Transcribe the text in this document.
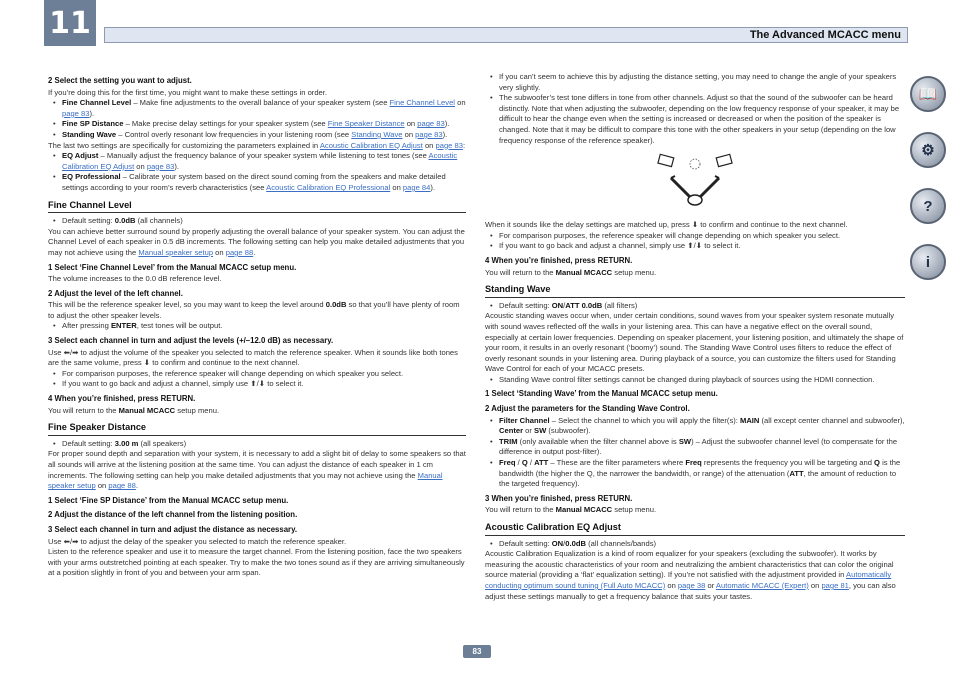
11	The Advanced MCACC menu
2 Select the setting you want to adjust.
If you’re doing this for the first time, you might want to make these settings in order.
• Fine Channel Level – Make fine adjustments to the overall balance of your speaker system (see Fine Channel Level on page 83).
• Fine SP Distance – Make precise delay settings for your speaker system (see Fine Speaker Distance on page 83).
• Standing Wave – Control overly resonant low frequencies in your listening room (see Standing Wave on page 83).
The last two settings are specifically for customizing the parameters explained in Acoustic Calibration EQ Adjust on page 83:
• EQ Adjust – Manually adjust the frequency balance of your speaker system while listening to test tones (see Acoustic Calibration EQ Adjust on page 83).
• EQ Professional – Calibrate your system based on the direct sound coming from the speakers and make detailed settings according to your room’s reverb characteristics (see Acoustic Calibration EQ Professional on page 84).
Fine Channel Level
• Default setting: 0.0dB (all channels)
You can achieve better surround sound by properly adjusting the overall balance of your speaker system. You can adjust the Channel Level of each speaker in 0.5 dB increments. The following setting can help you make detailed adjustments that you may not achieve using the Manual speaker setup on page 88.
1 Select ‘Fine Channel Level’ from the Manual MCACC setup menu.
The volume increases to the 0.0 dB reference level.
2 Adjust the level of the left channel.
This will be the reference speaker level, so you may want to keep the level around 0.0dB so that you’ll have plenty of room to adjust the other speaker levels.
• After pressing ENTER, test tones will be output.
3 Select each channel in turn and adjust the levels (+/–12.0 dB) as necessary.
Use ⬅/➡ to adjust the volume of the speaker you selected to match the reference speaker. When it sounds like both tones are the same volume, press ⬇ to confirm and continue to the next channel.
• For comparison purposes, the reference speaker will change depending on which speaker you select.
• If you want to go back and adjust a channel, simply use ⬆/⬇ to select it.
4 When you’re finished, press RETURN.
You will return to the Manual MCACC setup menu.
Fine Speaker Distance
• Default setting: 3.00 m (all speakers)
For proper sound depth and separation with your system, it is necessary to add a slight bit of delay to some speakers so that all sounds will arrive at the listening position at the same time. You can adjust the distance of each speaker in 1 cm increments. The following setting can help you make detailed adjustments that you may not achieve using the Manual speaker setup on page 88.
1 Select ‘Fine SP Distance’ from the Manual MCACC setup menu.
2 Adjust the distance of the left channel from the listening position.
3 Select each channel in turn and adjust the distance as necessary.
Use ⬅/➡ to adjust the delay of the speaker you selected to match the reference speaker.
Listen to the reference speaker and use it to measure the target channel. From the listening position, face the two speakers with your arms outstretched pointing at each speaker. Try to make the two tones sound as if they are arriving simultaneously at a position slightly in front of you and between your arm span.
• If you can’t seem to achieve this by adjusting the distance setting, you may need to change the angle of your speakers very slightly.
• The subwoofer’s test tone differs in tone from other channels. Adjust so that the sound of the subwoofer can be heard distinctly. Note that when adjusting the subwoofer, depending on the low frequency response of your speaker, it may be difficult to hear the change even when the setting is increased or decreased or when the position of the speaker is changed. Note that it may be difficult to compare this tone with the other speakers in your setup (depending on the low frequency response of the reference speaker).
When it sounds like the delay settings are matched up, press ⬇ to confirm and continue to the next channel.
• For comparison purposes, the reference speaker will change depending on which speaker you select.
• If you want to go back and adjust a channel, simply use ⬆/⬇ to select it.
4 When you’re finished, press RETURN.
You will return to the Manual MCACC setup menu.
Standing Wave
• Default setting: ON/ATT 0.0dB (all filters)
Acoustic standing waves occur when, under certain conditions, sound waves from your speaker system resonate mutually with sound waves reflected off the walls in your listening area. This can have a negative effect on the overall sound, especially at certain lower frequencies. Depending on speaker placement, your listening position, and ultimately the shape of your room, it results in an overly resonant (‘boomy’) sound. The Standing Wave Control uses filters to reduce the effect of overly resonant sounds in your listening area. During playback of a source, you can customize the filters used for Standing Wave Control for each of your MCACC presets.
• Standing Wave control filter settings cannot be changed during playback of sources using the HDMI connection.
1 Select ‘Standing Wave’ from the Manual MCACC setup menu.
2 Adjust the parameters for the Standing Wave Control.
• Filter Channel – Select the channel to which you will apply the filter(s): MAIN (all except center channel and subwoofer), Center or SW (subwoofer).
• TRIM (only available when the filter channel above is SW) – Adjust the subwoofer channel level (to compensate for the difference in output post-filter).
• Freq / Q / ATT – These are the filter parameters where Freq represents the frequency you will be targeting and Q is the bandwidth (the higher the Q, the narrower the bandwidth, or range) of the attenuation (ATT, the amount of reduction to the targeted frequency).
3 When you’re finished, press RETURN.
You will return to the Manual MCACC setup menu.
Acoustic Calibration EQ Adjust
• Default setting: ON/0.0dB (all channels/bands)
Acoustic Calibration Equalization is a kind of room equalizer for your speakers (excluding the subwoofer). It works by measuring the acoustic characteristics of your room and neutralizing the ambient characteristics that can color the original source material (providing a ‘flat’ equalization setting). If you’re not satisfied with the adjustment provided in Automatically conducting optimum sound tuning (Full Auto MCACC) on page 38 or Automatic MCACC (Expert) on page 81, you can also adjust these settings manually to get a frequency balance that suits your tastes.
📖
⚙
?
i
83
